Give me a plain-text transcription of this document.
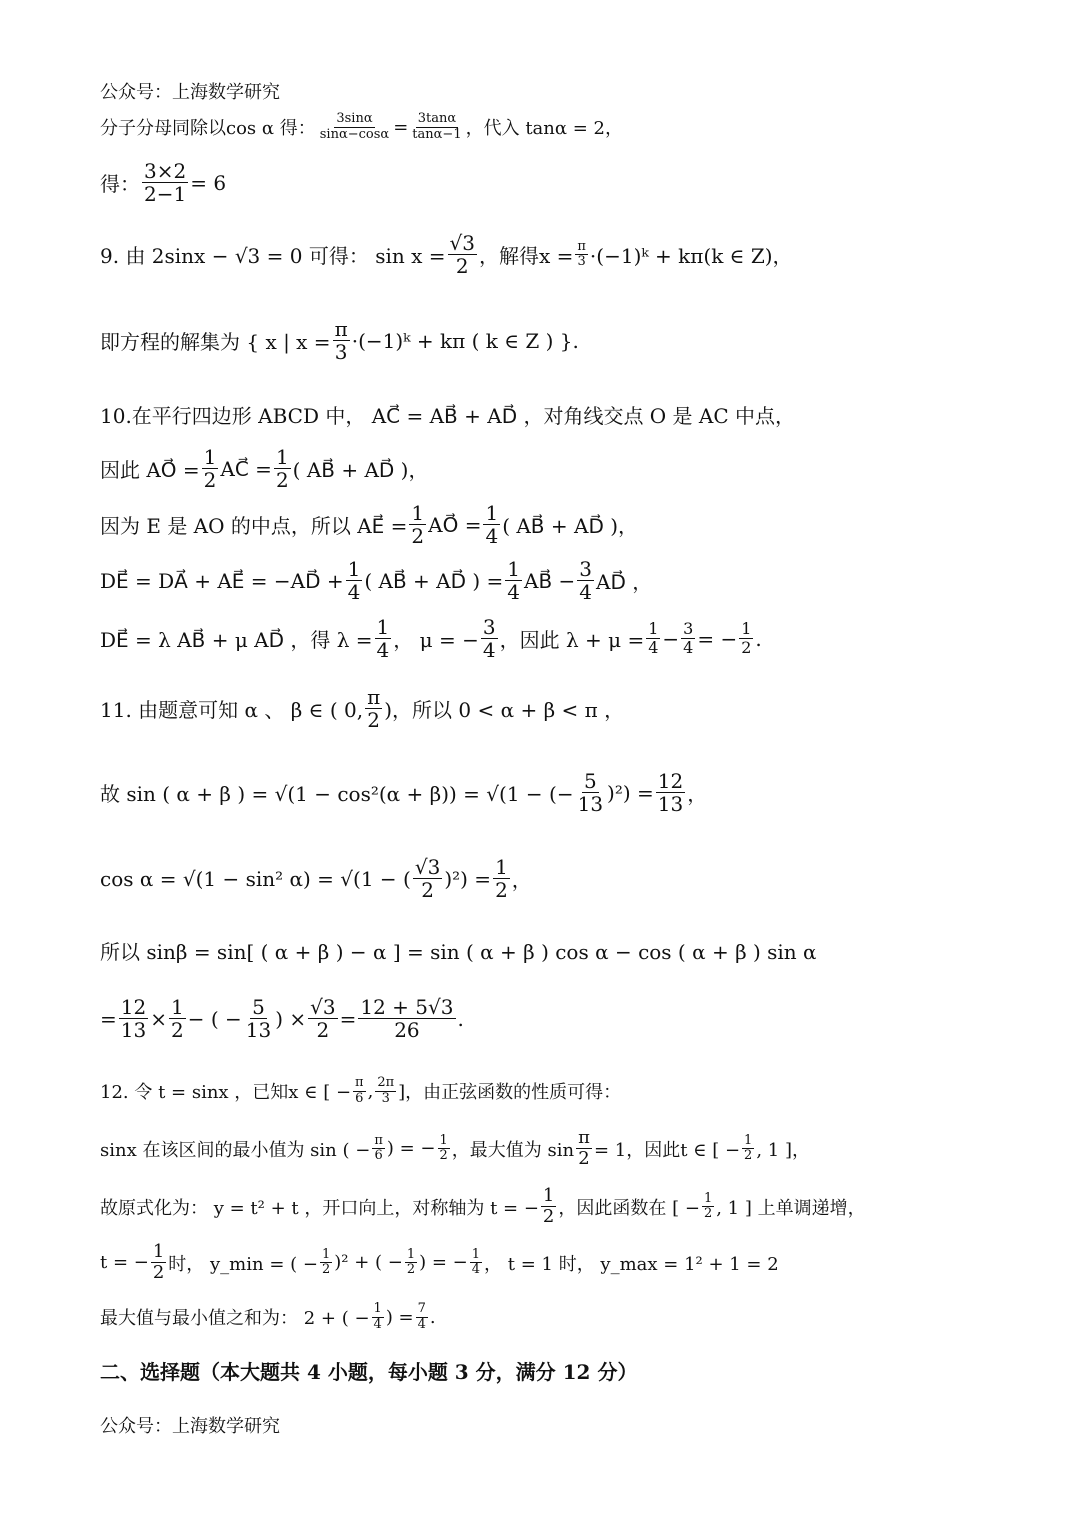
公众号：上海数学研究
分子分母同除以cos α 得： $\frac{3\sin\alpha}{\sin\alpha-\cos\alpha} = \frac{3\tan\alpha}{\tan\alpha-1}$ ，代入 tanα = 2，
得： $\frac{3\times 2}{2-1} = 6$
9. 由 2sinx − √3 = 0 可得： $\sin x = \frac{√3}{2}$ ，解得$x = \frac{\pi}{3}$ ·(−1)ᵏ + kπ(k ∈ Z)，
即方程的解集为 { x | $x = \frac{\pi}{3}$ ·(−1)ᵏ + kπ ( k ∈ Z ) }.
10.在平行四边形 ABCD 中， AC⃗ = AB⃗ + AD⃗ ，对角线交点 O 是 AC 中点，
因此 AO⃗ = $\frac{1}{2}$ AC⃗ = $\frac{1}{2}$ ( AB⃗ + AD⃗ )，
因为 E 是 AO 的中点，所以 AE⃗ = $\frac{1}{2}$ AO⃗ = $\frac{1}{4}$ ( AB⃗ + AD⃗ )，
DE⃗ = DA⃗ + AE⃗ = −AD⃗ + $\frac{1}{4}$ ( AB⃗ + AD⃗ ) = $\frac{1}{4}$ AB⃗ − $\frac{3}{4}$ AD⃗ ，
DE⃗ = λ AB⃗ + μ AD⃗ ，得 $\lambda = \frac{1}{4}$ ， μ = − $\frac{3}{4}$ ，因此 $\lambda + \mu = \frac{1}{4} - \frac{3}{4}$ = − $\frac{1}{2}$ .
11. 由题意可知 α 、 β ∈ ( 0,
π
2 )，所以 0 < α + β < π ，
故 sin ( α + β ) = √(1 − cos²(α + β)) = √(1 − (− $\frac{5}{13} )^2) = \frac{12}{13}$ ，
cos α = √(1 − sin² α) = √(1 − ( √3
2 )$^2) = \frac{1}{2}$ ，
所以 sinβ = sin[ ( α + β ) − α ] = sin ( α + β ) cos α − cos ( α + β ) sin α
= $\frac{12}{13} \times \frac{1}{2}$ − ( − $\frac{5}{13}$ ) × $\frac{√3}{2} = \frac{12 + 5√3}{26}$ .
12. 令 t = sinx ，已知x ∈ [ − $\frac{\pi}{6}$ , 2π
3 ]，由正弦函数的性质可得：
sinx 在该区间的最小值为 sin ( − $\frac{\pi}{6}$ ) = − $\frac{1}{2}$ ，最大值为 $\sin \frac{\pi}{2} = 1$，因此t ∈ [ − $\frac{1}{2}$ , 1 ]，
故原式化为： y = t² + t ，开口向上，对称轴为 t = − $\frac{1}{2}$ ，因此函数在 [ − $\frac{1}{2}$ , 1 ] 上单调递增，
t = − $\frac{1}{2}$ 时， y_min = ( − $\frac{1}{2} )^2$ + ( − $\frac{1}{2}$ ) = − $\frac{1}{4}$ ， t = 1 时， y_max = 1² + 1 = 2
最大值与最小值之和为： 2 + ( − $\frac{1}{4}$ ) = $\frac{7}{4}$ .
二、选择题（本大题共 4 小题，每小题 3 分，满分 12 分）
公众号：上海数学研究
